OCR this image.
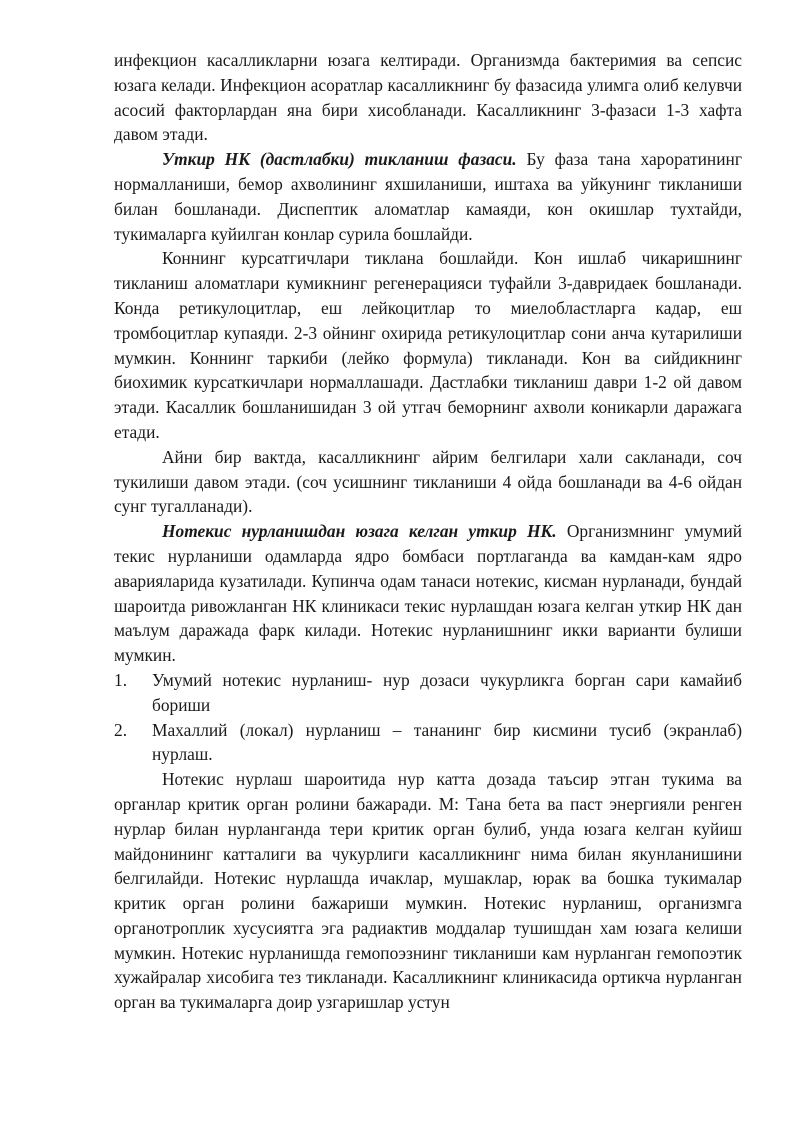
инфекцион касалликларни юзага келтиради. Организмда бактеримия ва сепсис юзага келади. Инфекцион асоратлар касалликнинг бу фазасида улимга олиб келувчи асосий факторлардан яна бири хисобланади. Касалликнинг 3-фазаси 1-3 хафта давом этади.

Уткир НК (дастлабки) тикланиш фазаси. Бу фаза тана хароратининг нормалланиши, бемор ахволининг яхшиланиши, иштаха ва уйкунинг тикланиши билан бошланади. Диспептик аломатлар камаяди, кон окишлар тухтайди, тукималарга куйилган конлар сурила бошлайди.

Коннинг курсатгичлари тиклана бошлайди. Кон ишлаб чикаришнинг тикланиш аломатлари кумикнинг регенерацияси туфайли 3-давридаек бошланади. Конда ретикулоцитлар, еш лейкоцитлар то миелобластларга кадар, еш тромбоцитлар купаяди. 2-3 ойнинг охирида ретикулоцитлар сони анча кутарилиши мумкин. Коннинг таркиби (лейко формула) тикланади. Кон ва сийдикнинг биохимик курсаткичлари нормаллашади. Дастлабки тикланиш даври 1-2 ой давом этади. Касаллик бошланишидан 3 ой утгач беморнинг ахволи коникарли даражага етади.

Айни бир вактда, касалликнинг айрим белгилари хали сакланади, соч тукилиши давом этади. (соч усишнинг тикланиши 4 ойда бошланади ва 4-6 ойдан сунг тугалланади).

Нотекис нурланишдан юзага келган уткир НК. Организмнинг умумий текис нурланиши одамларда ядро бомбаси портлаганда ва камдан-кам ядро аварияларида кузатилади. Купинча одам танаси нотекис, кисман нурланади, бундай шароитда ривожланган НК клиникаси текис нурлашдан юзага келган уткир НК дан маълум даражада фарк килади. Нотекис нурланишнинг икки варианти булиши мумкин.

1. Умумий нотекис нурланиш- нур дозаси чукурликга борган сари камайиб бориши
2. Махаллий (локал) нурланиш – тананинг бир кисмини тусиб (экранлаб) нурлаш.

Нотекис нурлаш шароитида нур катта дозада таъсир этган тукима ва органлар критик орган ролини бажаради. М: Тана бета ва паст энергияли ренген нурлар билан нурланганда тери критик орган булиб, унда юзага келган куйиш майдонининг катталиги ва чукурлиги касалликнинг нима билан якунланишини белгилайди. Нотекис нурлашда ичаклар, мушаклар, юрак ва бошка тукималар критик орган ролини бажариши мумкин. Нотекис нурланиш, организмга органотроплик хусусиятга эга радиактив моддалар тушишдан хам юзага келиши мумкин. Нотекис нурланишда гемопоэзнинг тикланиши кам нурланган гемопоэтик хужайралар хисобига тез тикланади. Касалликнинг клиникасида ортикча нурланган орган ва тукималарга доир узгаришлар устун
